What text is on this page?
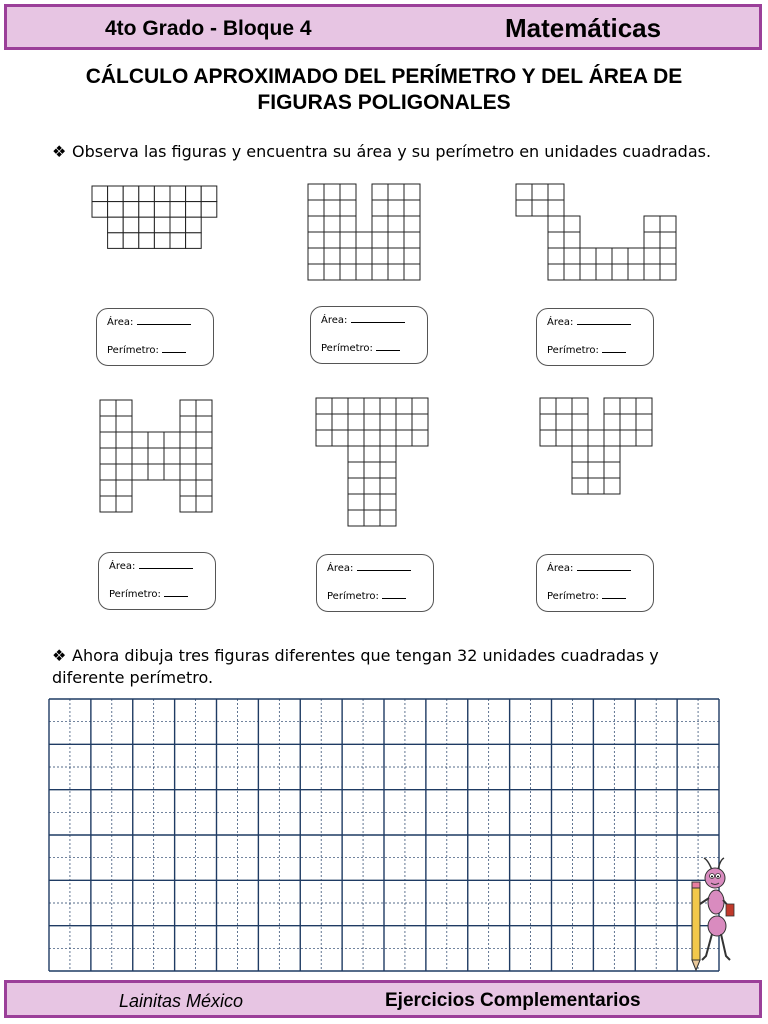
4to Grado - Bloque 4	Matemáticas
CÁLCULO APROXIMADO DEL PERÍMETRO Y DEL ÁREA DE
FIGURAS POLIGONALES
❖ Observa las figuras y encuentra su área y su perímetro en unidades cuadradas.
Área:
Perímetro:
Área:
Perímetro:
Área:
Perímetro:
Área:
Perímetro:
Área:
Perímetro:
Área:
Perímetro:
❖ Ahora dibuja tres figuras diferentes que tengan 32 unidades cuadradas y diferente perímetro.
Lainitas México	Ejercicios Complementarios
